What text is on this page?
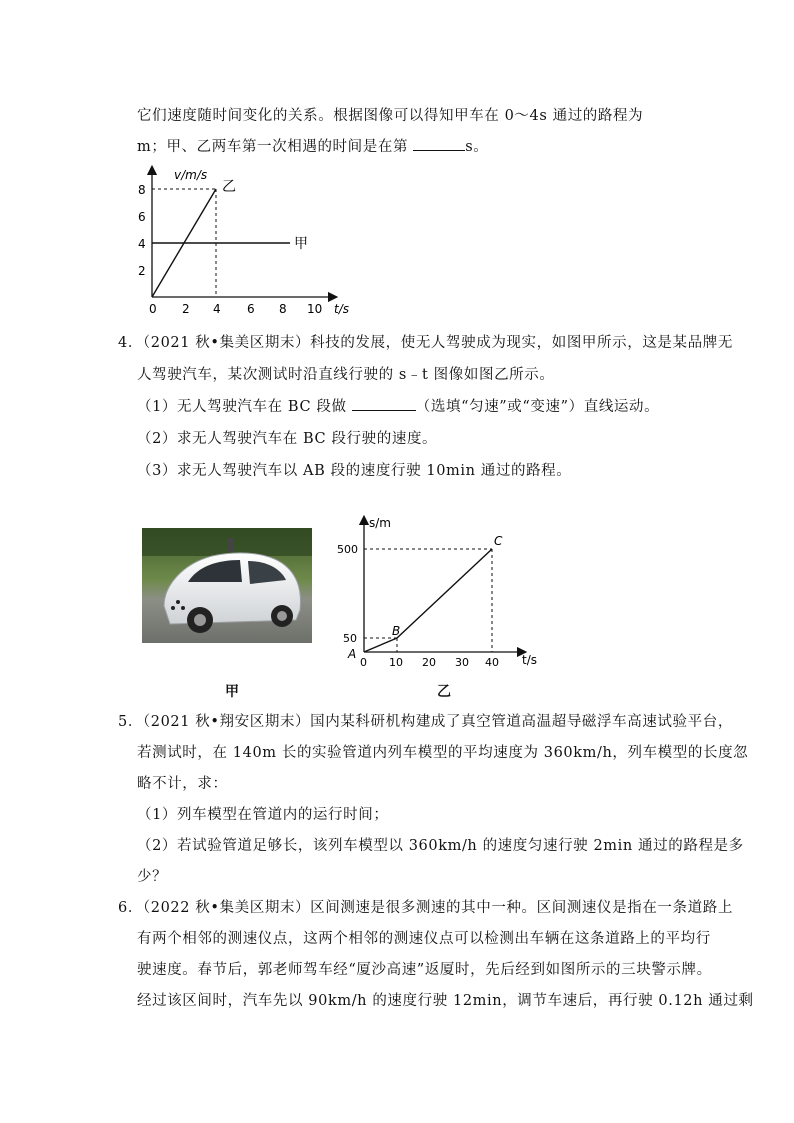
它们速度随时间变化的关系。根据图像可以得知甲车在 0～4s 通过的路程为
m；甲、乙两车第一次相遇的时间是在第	s。
v/m/s
t/s
0 2 4 6 8 10
2
4
6
8	乙
甲
4．（2021 秋•集美区期末）科技的发展，使无人驾驶成为现实，如图甲所示，这是某品牌无
人驾驶汽车，某次测试时沿直线行驶的 s﹣t 图像如图乙所示。
（1）无人驾驶汽车在 BC 段做	（选填“匀速”或“变速”）直线运动。
（2）求无人驾驶汽车在 BC 段行驶的速度。
（3）求无人驾驶汽车以 AB 段的速度行驶 10min 通过的路程。
甲
s/m
t/s
0 10 20 30 40
50
500
A
B
C
乙
5．（2021 秋•翔安区期末）国内某科研机构建成了真空管道高温超导磁浮车高速试验平台，
若测试时，在 140m 长的实验管道内列车模型的平均速度为 360km/h，列车模型的长度忽
略不计，求：
（1）列车模型在管道内的运行时间；
（2）若试验管道足够长，该列车模型以 360km/h 的速度匀速行驶 2min 通过的路程是多
少？
6．（2022 秋•集美区期末）区间测速是很多测速的其中一种。区间测速仪是指在一条道路上
有两个相邻的测速仪点，这两个相邻的测速仪点可以检测出车辆在这条道路上的平均行
驶速度。春节后，郭老师驾车经“厦沙高速”返厦时，先后经到如图所示的三块警示牌。
经过该区间时，汽车先以 90km/h 的速度行驶 12min，调节车速后，再行驶 0.12h 通过剩
